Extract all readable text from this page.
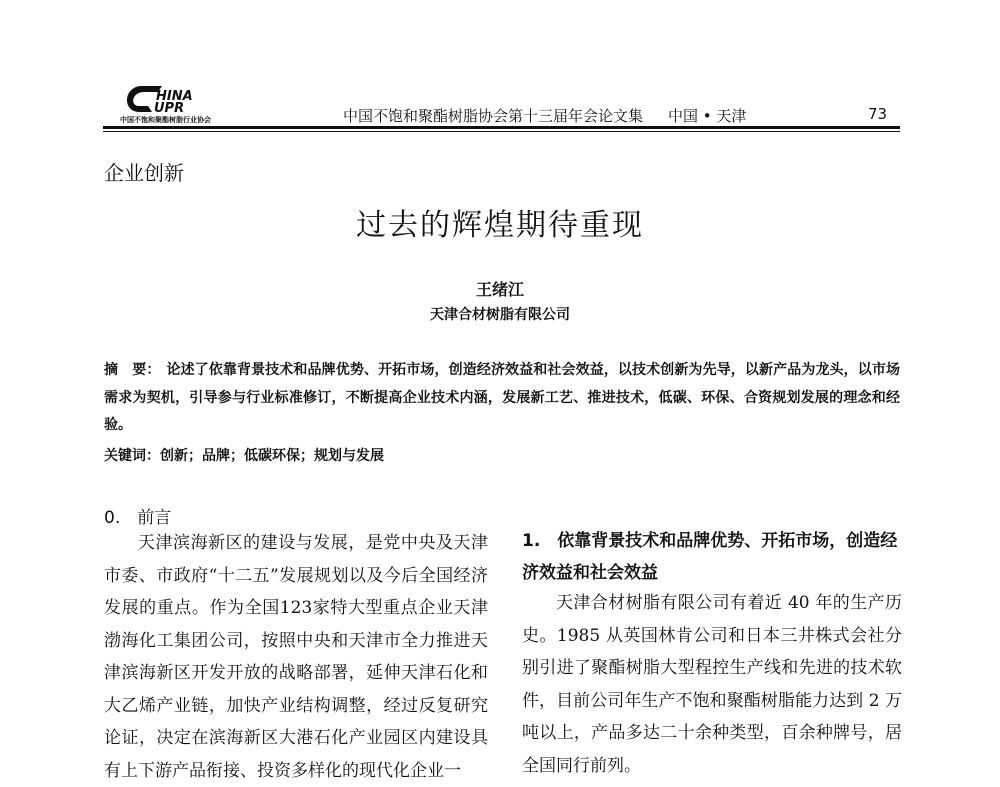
HINA
UPR
中国不饱和聚酯树脂行业协会	中国不饱和聚酯树脂协会第十三届年会论文集 中国 • 天津	73
企业创新
过去的辉煌期待重现
王绪江
天津合材树脂有限公司
摘　要： 论述了依靠背景技术和品牌优势、开拓市场，创造经济效益和社会效益，以技术创新为先导，以新产品为龙头，以市场需求为契机，引导参与行业标准修订，不断提高企业技术内涵，发展新工艺、推进技术，低碳、环保、合资规划发展的理念和经验。
关键词：创新；品牌；低碳环保；规划与发展
0.　前言
天津滨海新区的建设与发展，是党中央及天津市委、市政府“十二五”发展规划以及今后全国经济发展的重点。作为全国123家特大型重点企业天津渤海化工集团公司，按照中央和天津市全力推进天津滨海新区开发开放的战略部署，延伸天津石化和大乙烯产业链，加快产业结构调整，经过反复研究论证，决定在滨海新区大港石化产业园区内建设具有上下游产品衔接、投资多样化的现代化企业一
1.　依靠背景技术和品牌优势、开拓市场，创造经济效益和社会效益
天津合材树脂有限公司有着近 40 年的生产历史。1985 从英国林肯公司和日本三井株式会社分别引进了聚酯树脂大型程控生产线和先进的技术软件，目前公司年生产不饱和聚酯树脂能力达到 2 万吨以上，产品多达二十余种类型，百余种牌号，居全国同行前列。
